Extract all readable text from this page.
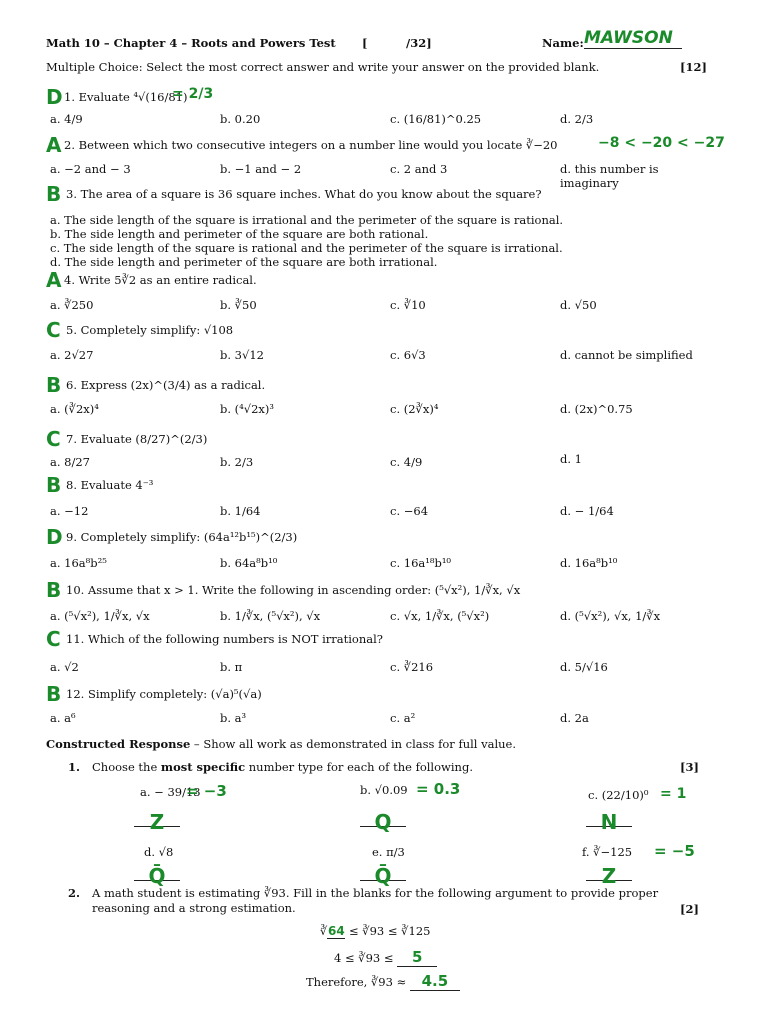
Math 10 – Chapter 4 – Roots and Powers Test [	/32]	Name: MAWSON
Multiple Choice: Select the most correct answer and write your answer on the provided blank.	[12]
D 1. Evaluate ⁴√(16/81)
= 2/3
a. 4/9	b. 0.20	c. (16/81)^0.25	d. 2/3
A 2. Between which two consecutive integers on a number line would you locate ∛−20	−8 < −20 < −27
a. −2 and − 3	b. −1 and − 2	c. 2 and 3	d. this number is imaginary
B 3. The area of a square is 36 square inches. What do you know about the square?
a. The side length of the square is irrational and the perimeter of the square is rational.
b. The side length and perimeter of the square are both rational.
c. The side length of the square is rational and the perimeter of the square is irrational.
d. The side length and perimeter of the square are both irrational.
A 4. Write 5∛2 as an entire radical.
a. ∛250	b. ∛50	c. ∛10	d. √50
C 5. Completely simplify: √108
a. 2√27	b. 3√12	c. 6√3	d. cannot be simplified
B 6. Express (2x)^(3/4) as a radical.
a. (∛2x)⁴	b. (⁴√2x)³	c. (2∛x)⁴	d. (2x)^0.75
C 7. Evaluate (8/27)^(2/3)
a. 8/27	b. 2/3	c. 4/9	d. 1
B 8. Evaluate 4⁻³
a. −12	b. 1/64	c. −64	d. − 1/64
D 9. Completely simplify: (64a¹²b¹⁵)^(2/3)
a. 16a⁸b²⁵	b. 64a⁸b¹⁰	c. 16a¹⁸b¹⁰	d. 16a⁸b¹⁰
B 10. Assume that x > 1. Write the following in ascending order: (⁵√x²), 1/∛x, √x
a. (⁵√x²), 1/∛x, √x	b. 1/∛x, (⁵√x²), √x	c. √x, 1/∛x, (⁵√x²)	d. (⁵√x²), √x, 1/∛x
C 11. Which of the following numbers is NOT irrational?
a. √2	b. π	c. ∛216	d. 5/√16
B 12. Simplify completely: (√a)⁵(√a)
a. a⁶	b. a³	c. a²	d. 2a
Constructed Response – Show all work as demonstrated in class for full value.
1. Choose the most specific number type for each of the following.	[3]
a. − 39/13
= −3	b. √0.09 = 0.3	c. (22/10)⁰ = 1
Z	Q	N
d. √8	e. π/3	f. ∛−125 = −5
Q̄	Q̄	Z
2. A math student is estimating ∛93. Fill in the blanks for the following argument to provide proper reasoning and a strong estimation.	[2]
∛64 ≤ ∛93 ≤ ∛125
4 ≤ ∛93 ≤ 5
Therefore, ∛93 ≈ 4.5
